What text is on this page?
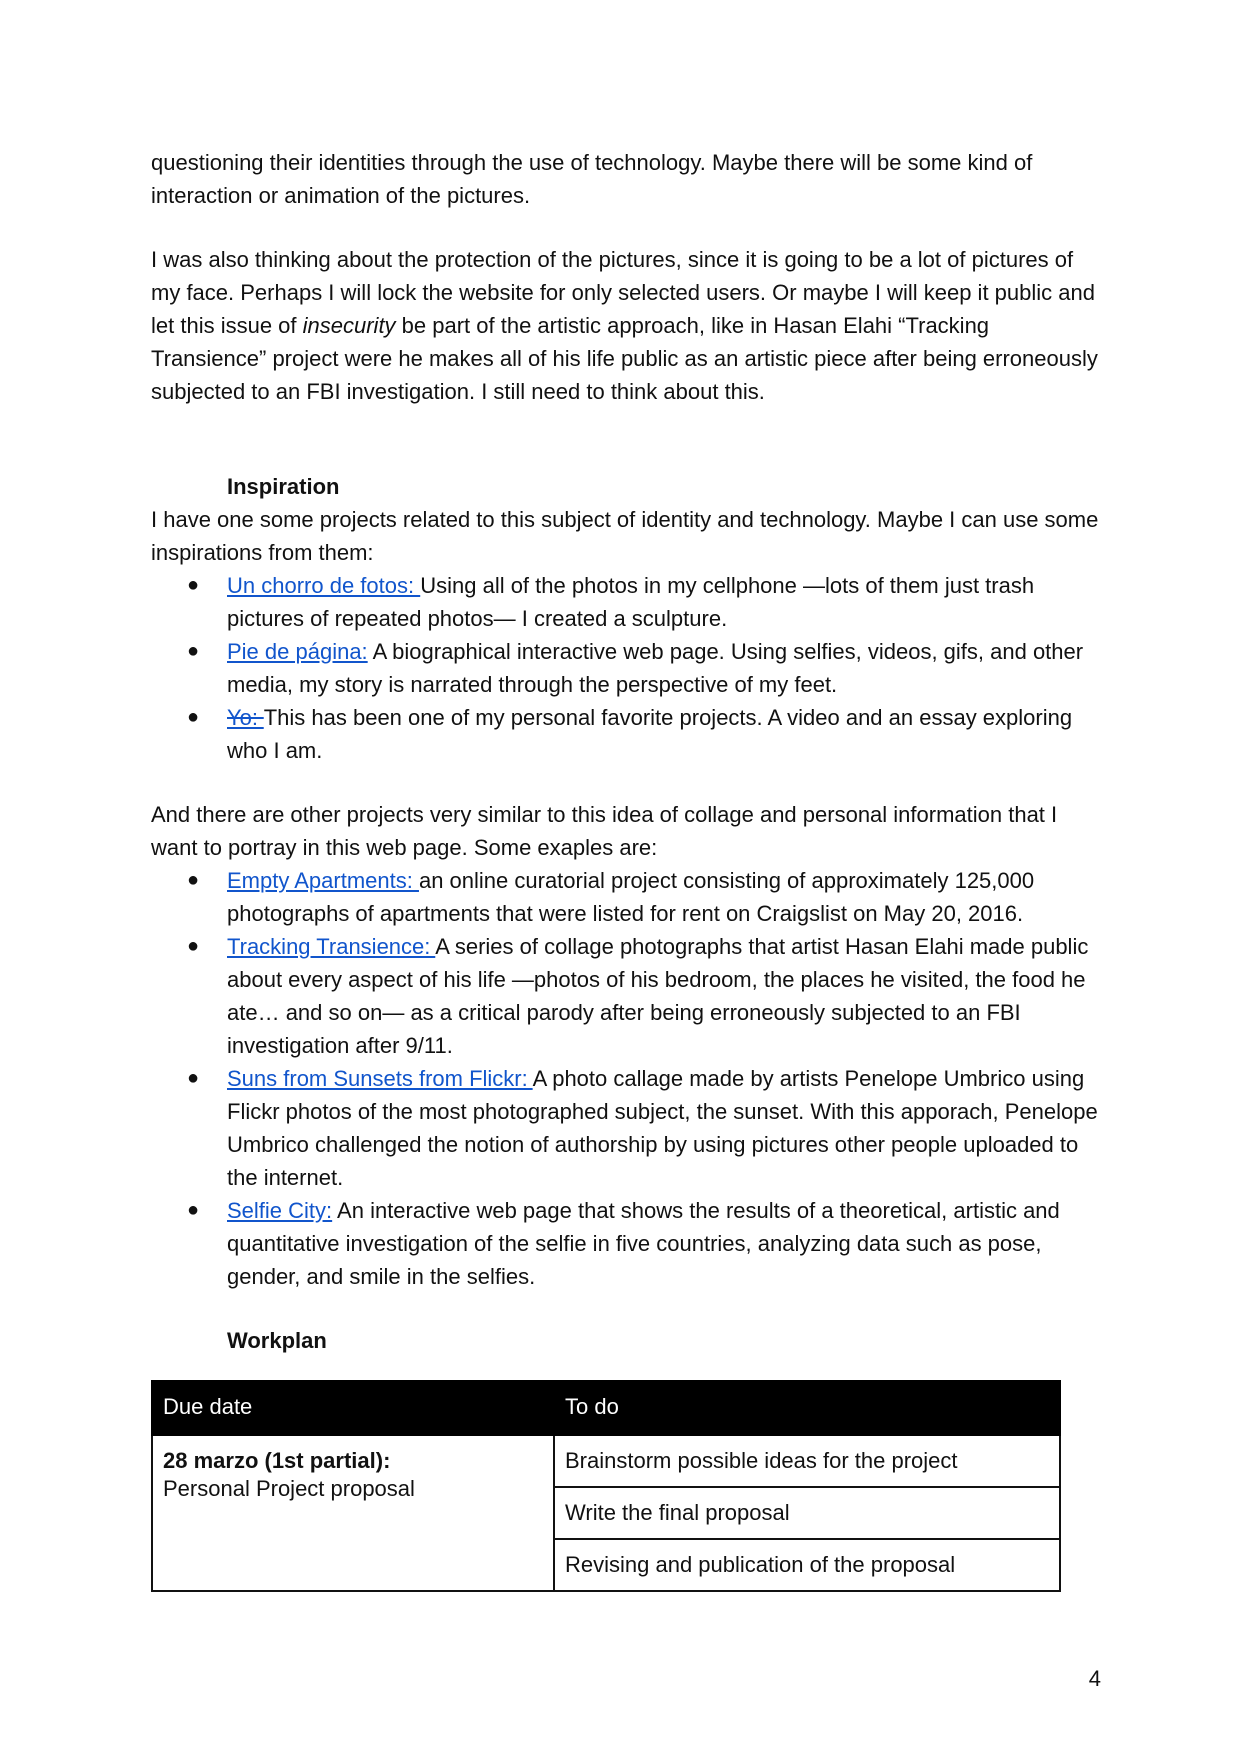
questioning their identities through the use of technology. Maybe there will be some kind of interaction or animation of the pictures.

I was also thinking about the protection of the pictures, since it is going to be a lot of pictures of my face. Perhaps I will lock the website for only selected users. Or maybe I will keep it public and let this issue of insecurity be part of the artistic approach, like in Hasan Elahi “Tracking Transience” project were he makes all of his life public as an artistic piece after being erroneously subjected to an FBI investigation. I still need to think about this.

Inspiration

I have one some projects related to this subject of identity and technology. Maybe I can use some inspirations from them:

● Un chorro de fotos: Using all of the photos in my cellphone —lots of them just trash pictures of repeated photos— I created a sculpture.
● Pie de página: A biographical interactive web page. Using selfies, videos, gifs, and other media, my story is narrated through the perspective of my feet.
● Yo: This has been one of my personal favorite projects. A video and an essay exploring who I am.

And there are other projects very similar to this idea of collage and personal information that I want to portray in this web page. Some exaples are:

● Empty Apartments: an online curatorial project consisting of approximately 125,000 photographs of apartments that were listed for rent on Craigslist on May 20, 2016.
● Tracking Transience: A series of collage photographs that artist Hasan Elahi made public about every aspect of his life —photos of his bedroom, the places he visited, the food he ate… and so on— as a critical parody after being erroneously subjected to an FBI investigation after 9/11.
● Suns from Sunsets from Flickr: A photo callage made by artists Penelope Umbrico using Flickr photos of the most photographed subject, the sunset. With this apporach, Penelope Umbrico challenged the notion of authorship by using pictures other people uploaded to the internet.
● Selfie City: An interactive web page that shows the results of a theoretical, artistic and quantitative investigation of the selfie in five countries, analyzing data such as pose, gender, and smile in the selfies.
Workplan
Due date	To do

28 marzo (1st partial):
Personal Project proposal	Brainstorm possible ideas for the project
	Write the final proposal
	Revising and publication of the proposal
4
